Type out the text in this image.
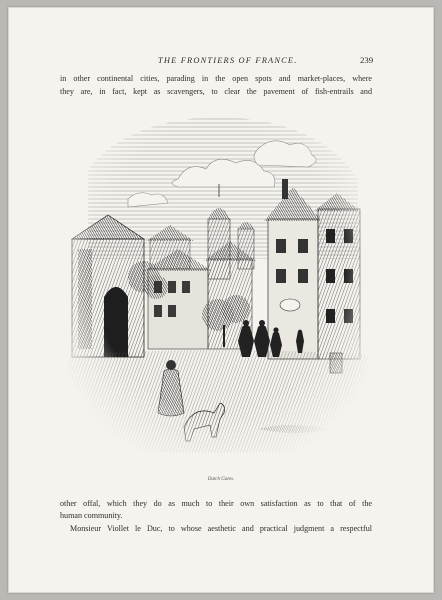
THE FRONTIERS OF FRANCE.	239
in other continental cities, parading in the open spots and market-places, where
they are, in fact, kept as scavengers, to clear the pavement of fish-entrails and
Dutch Gates.
other offal, which they do as much to their own satisfaction as to that of the
human community.
Monsieur Viollet le Duc, to whose aesthetic and practical judgment a respectful
·
